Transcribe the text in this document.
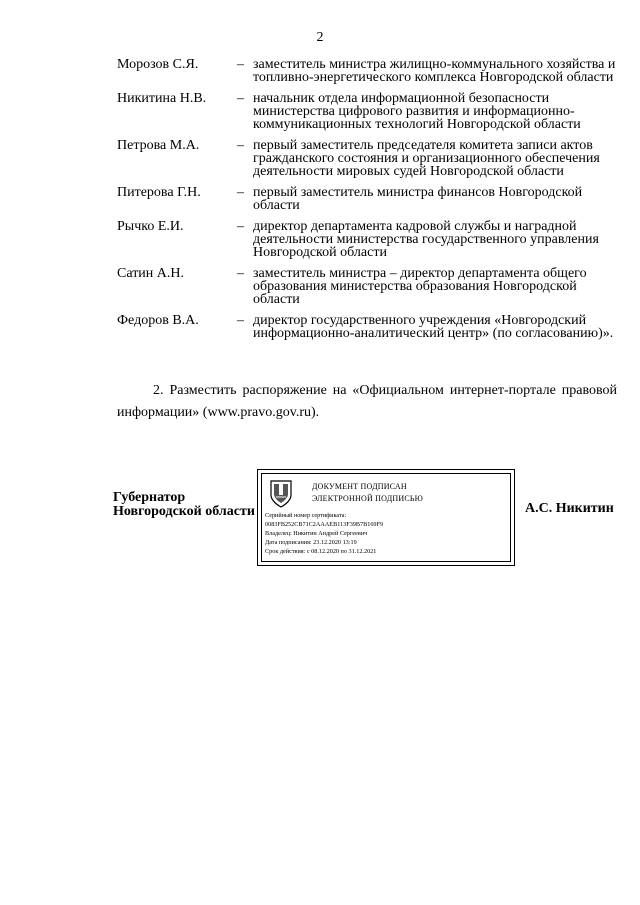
2
Морозов С.Я.	– заместитель министра жилищно-коммунального хозяйства и топливно-энергетического комплекса Новгородской области
Никитина Н.В.	– начальник отдела информационной безопасности министерства цифрового развития и информационно-коммуникационных технологий Новгородской области
Петрова М.А.	– первый заместитель председателя комитета записи актов гражданского состояния и организационного обеспечения деятельности мировых судей Новгородской области
Питерова Г.Н.	– первый заместитель министра финансов Новгородской области
Рычко Е.И.	– директор департамента кадровой службы и наградной деятельности министерства государственного управления Новгородской области
Сатин А.Н.	– заместитель министра – директор департамента общего образования министерства образования Новгородской области
Федоров В.А.	– директор государственного учреждения «Новгородский информационно-аналитический центр» (по согласованию)».
2. Разместить распоряжение на «Официальном интернет-портале правовой информации» (www.pravo.gov.ru).
Губернатор
Новгородской области
ДОКУМЕНТ ПОДПИСАН
ЭЛЕКТРОННОЙ ПОДПИСЬЮ
Серийный номер сертификата:
0083FB252CB71C2AAAEB113F39B7B169F9
Владелец: Никитин Андрей Сергеевич
Дата подписания: 23.12.2020 13:19
Срок действия: с 08.12.2020 по 31.12.2021
А.С. Никитин
